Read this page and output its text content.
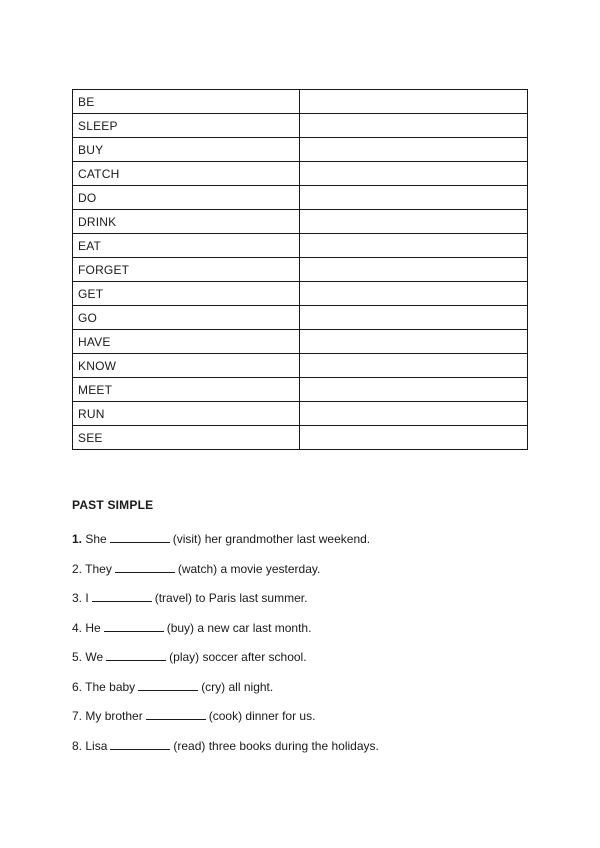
BE	
SLEEP	
BUY	
CATCH	
DO	
DRINK	
EAT	
FORGET	
GET	
GO	
HAVE	
KNOW	
MEET	
RUN	
SEE	
PAST SIMPLE
1. She	(visit) her grandmother last weekend.
2. They	(watch) a movie yesterday.
3. I	(travel) to Paris last summer.
4. He	(buy) a new car last month.
5. We	(play) soccer after school.
6. The baby	(cry) all night.
7. My brother	(cook) dinner for us.
8. Lisa	(read) three books during the holidays.
